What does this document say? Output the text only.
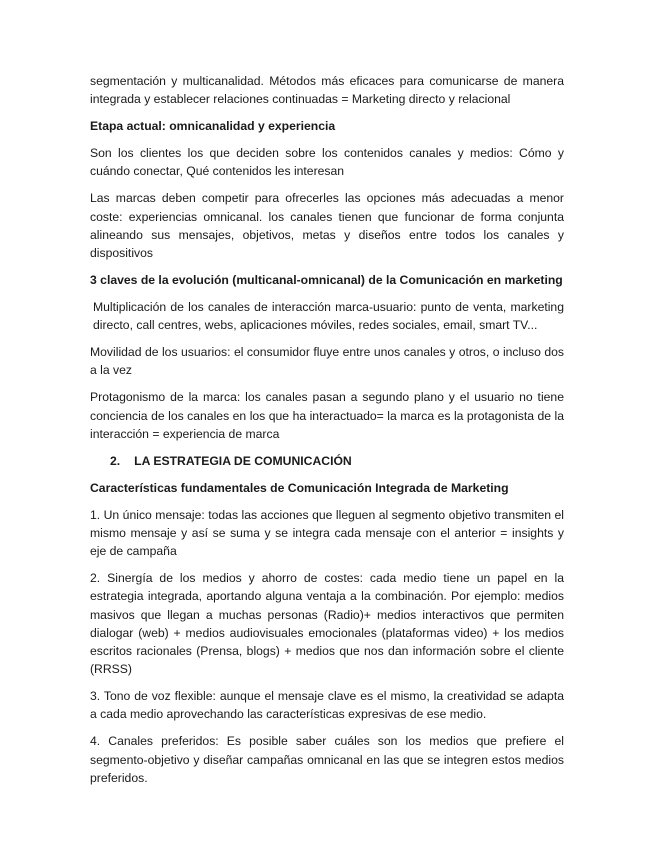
segmentación y multicanalidad. Métodos más eficaces para comunicarse de manera integrada y establecer relaciones continuadas = Marketing directo y relacional

Etapa actual: omnicanalidad y experiencia

Son los clientes los que deciden sobre los contenidos canales y medios: Cómo y cuándo conectar, Qué contenidos les interesan

Las marcas deben competir para ofrecerles las opciones más adecuadas a menor coste: experiencias omnicanal. los canales tienen que funcionar de forma conjunta alineando sus mensajes, objetivos, metas y diseños entre todos los canales y dispositivos

3 claves de la evolución (multicanal-omnicanal) de la Comunicación en marketing

Multiplicación de los canales de interacción marca-usuario: punto de venta, marketing directo, call centres, webs, aplicaciones móviles, redes sociales, email, smart TV...

Movilidad de los usuarios: el consumidor fluye entre unos canales y otros, o incluso dos a la vez

Protagonismo de la marca: los canales pasan a segundo plano y el usuario no tiene conciencia de los canales en los que ha interactuado= la marca es la protagonista de la interacción = experiencia de marca

2. LA ESTRATEGIA DE COMUNICACIÓN

Características fundamentales de Comunicación Integrada de Marketing

1. Un único mensaje: todas las acciones que lleguen al segmento objetivo transmiten el mismo mensaje y así se suma y se integra cada mensaje con el anterior = insights y eje de campaña

2. Sinergía de los medios y ahorro de costes: cada medio tiene un papel en la estrategia integrada, aportando alguna ventaja a la combinación. Por ejemplo: medios masivos que llegan a muchas personas (Radio)+ medios interactivos que permiten dialogar (web) + medios audiovisuales emocionales (plataformas video) + los medios escritos racionales (Prensa, blogs) + medios que nos dan información sobre el cliente (RRSS)

3. Tono de voz flexible: aunque el mensaje clave es el mismo, la creatividad se adapta a cada medio aprovechando las características expresivas de ese medio.

4. Canales preferidos: Es posible saber cuáles son los medios que prefiere el segmento-objetivo y diseñar campañas omnicanal en las que se integren estos medios preferidos.
